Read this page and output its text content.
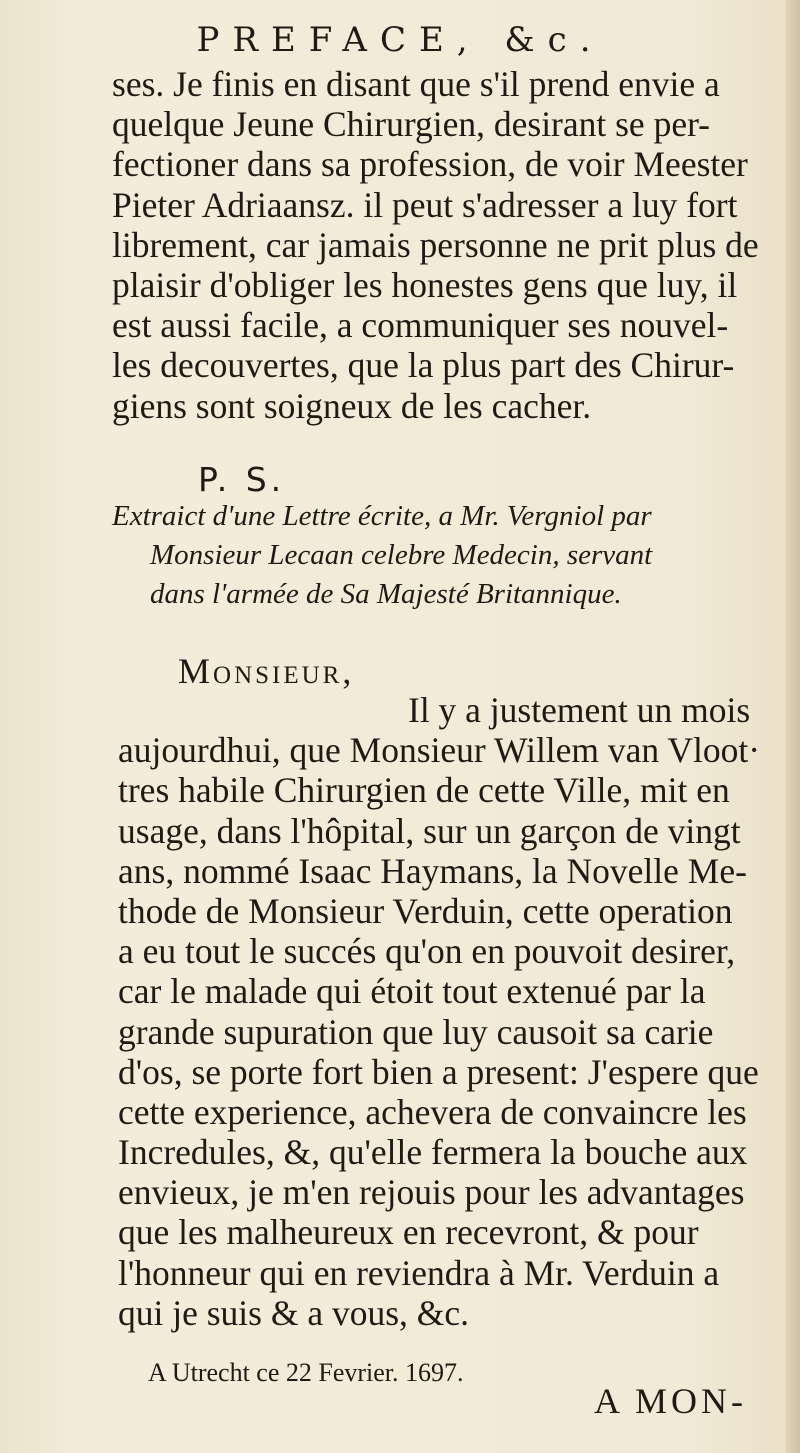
PREFACE, &c.
ses. Je finis en disant que s'il prend envie a
quelque Jeune Chirurgien, desirant se per-
fectioner dans sa profession, de voir Meester
Pieter Adriaansz. il peut s'adresser a luy fort
librement, car jamais personne ne prit plus de
plaisir d'obliger les honestes gens que luy, il
est aussi facile, a communiquer ses nouvel-
les decouvertes, que la plus part des Chirur-
giens sont soigneux de les cacher.
P. S.
Extraict d'une Lettre écrite, a Mr. Vergniol par
Monsieur Lecaan celebre Medecin, servant
dans l'armée de Sa Majesté Britannique.
Monsieur,
Il y a justement un mois
aujourdhui, que Monsieur Willem van Vloot·
tres habile Chirurgien de cette Ville, mit en
usage, dans l'hôpital, sur un garçon de vingt
ans, nommé Isaac Haymans, la Novelle Me-
thode de Monsieur Verduin, cette operation
a eu tout le succés qu'on en pouvoit desirer,
car le malade qui étoit tout extenué par la
grande supuration que luy causoit sa carie
d'os, se porte fort bien a present: J'espere que
cette experience, achevera de convaincre les
Incredules, &, qu'elle fermera la bouche aux
envieux, je m'en rejouis pour les advantages
que les malheureux en recevront, & pour
l'honneur qui en reviendra à Mr. Verduin a
qui je suis & a vous, &c.
A Utrecht ce 22 Fevrier. 1697.
A MON-
